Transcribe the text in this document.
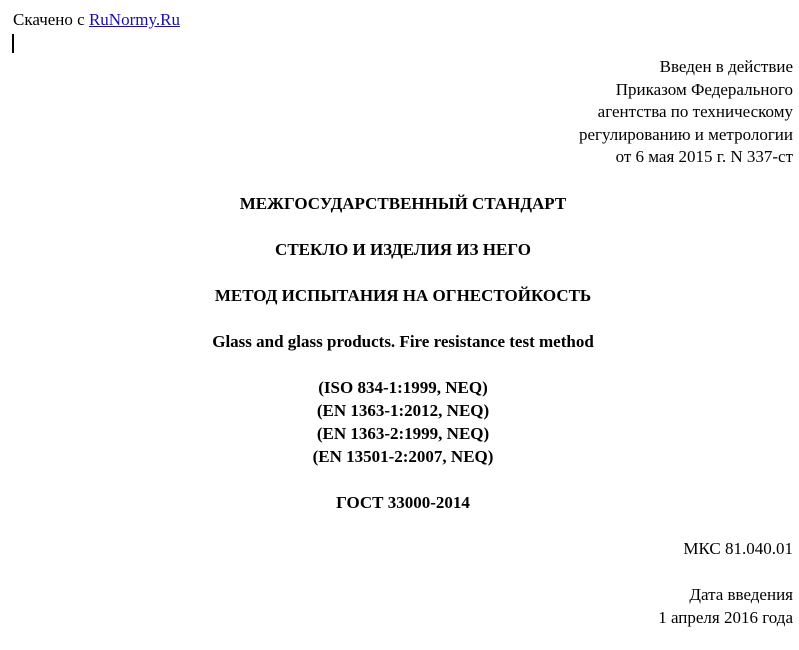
Скачено с RuNormy.Ru
Введен в действие
Приказом Федерального
агентства по техническому
регулированию и метрологии
от 6 мая 2015 г. N 337-ст
МЕЖГОСУДАРСТВЕННЫЙ СТАНДАРТ
СТЕКЛО И ИЗДЕЛИЯ ИЗ НЕГО
МЕТОД ИСПЫТАНИЯ НА ОГНЕСТОЙКОСТЬ
Glass and glass products. Fire resistance test method
(ISO 834-1:1999, NEQ)
(EN 1363-1:2012, NEQ)
(EN 1363-2:1999, NEQ)
(EN 13501-2:2007, NEQ)
ГОСТ 33000-2014
МКС 81.040.01
Дата введения
1 апреля 2016 года
